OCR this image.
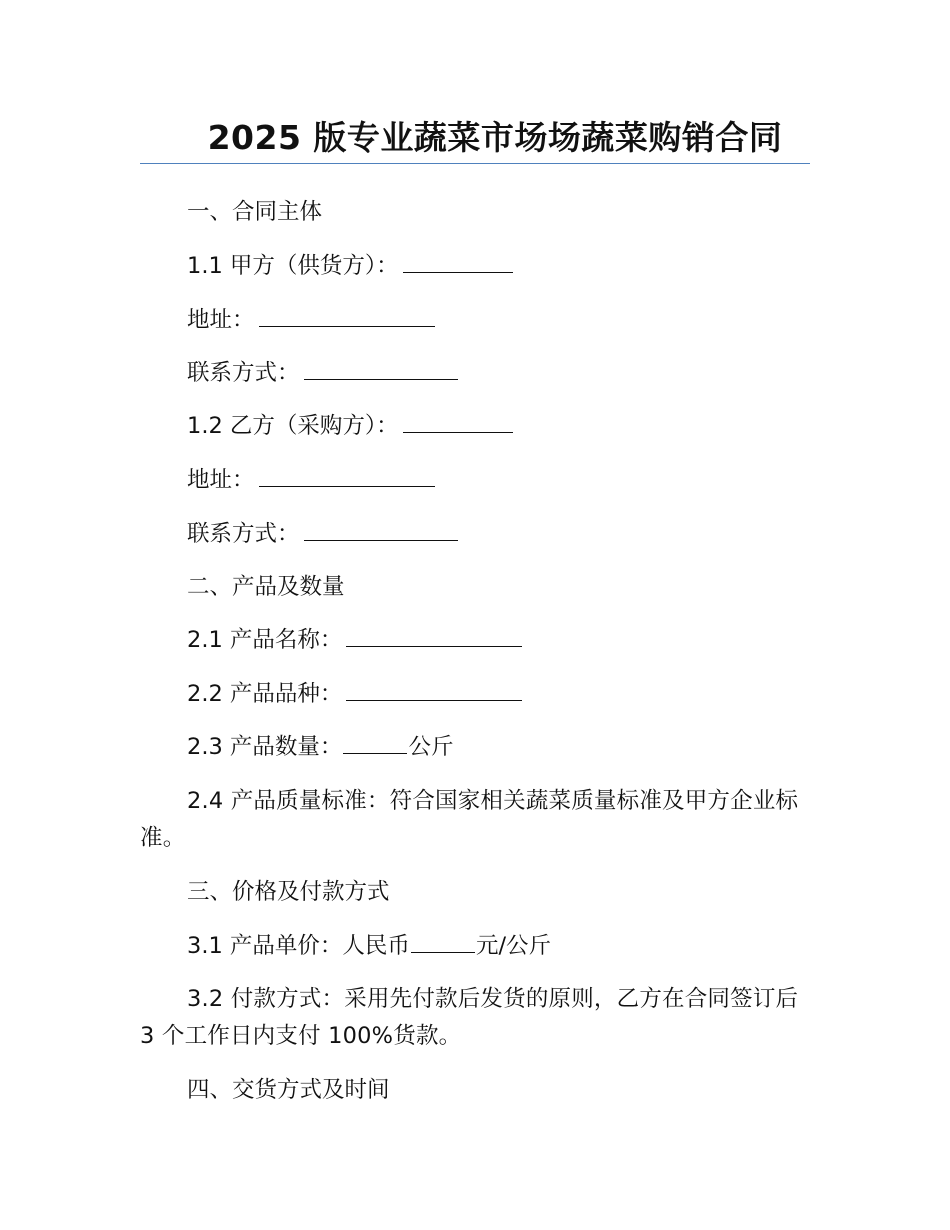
2025 版专业蔬菜市场场蔬菜购销合同
一、合同主体
1.1 甲方（供货方）：
地址：
联系方式：
1.2 乙方（采购方）：
地址：
联系方式：
二、产品及数量
2.1 产品名称：
2.2 产品品种：
2.3 产品数量：	公斤
2.4 产品质量标准：符合国家相关蔬菜质量标准及甲方企业标准。
三、价格及付款方式
3.1 产品单价：人民币	元/公斤
3.2 付款方式：采用先付款后发货的原则，乙方在合同签订后 3 个工作日内支付 100%货款。
四、交货方式及时间
